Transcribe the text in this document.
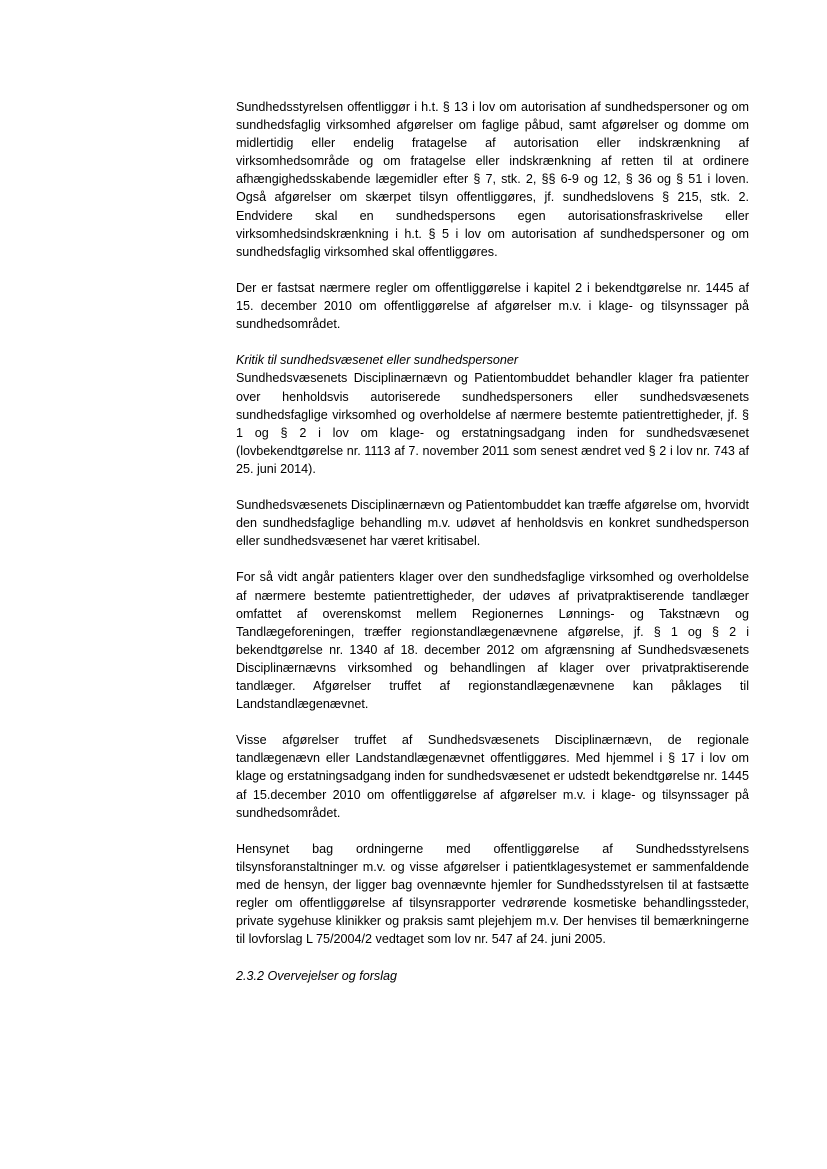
Sundhedsstyrelsen offentliggør i h.t. § 13 i lov om autorisation af sundhedspersoner og om sundhedsfaglig virksomhed afgørelser om faglige påbud, samt afgørelser og domme om midlertidig eller endelig fratagelse af autorisation eller indskrænkning af virksomhedsområde og om fratagelse eller indskrænkning af retten til at ordinere afhængighedsskabende lægemidler efter § 7, stk. 2, §§ 6-9 og 12, § 36 og § 51 i loven. Også afgørelser om skærpet tilsyn offentliggøres, jf. sundhedslovens § 215, stk. 2. Endvidere skal en sundhedspersons egen autorisationsfraskrivelse eller virksomhedsindskrænkning i h.t. § 5 i lov om autorisation af sundhedspersoner og om sundhedsfaglig virksomhed skal offentliggøres.

Der er fastsat nærmere regler om offentliggørelse i kapitel 2 i bekendtgørelse nr. 1445 af 15. december 2010 om offentliggørelse af afgørelser m.v. i klage- og tilsynssager på sundhedsområdet.

Kritik til sundhedsvæsenet eller sundhedspersoner

Sundhedsvæsenets Disciplinærnævn og Patientombuddet behandler klager fra patienter over henholdsvis autoriserede sundhedspersoners eller sundhedsvæsenets sundhedsfaglige virksomhed og overholdelse af nærmere bestemte patientrettigheder, jf. § 1 og § 2 i lov om klage- og erstatningsadgang inden for sundhedsvæsenet (lovbekendtgørelse nr. 1113 af 7. november 2011 som senest ændret ved § 2 i lov nr. 743 af 25. juni 2014).

Sundhedsvæsenets Disciplinærnævn og Patientombuddet kan træffe afgørelse om, hvorvidt den sundhedsfaglige behandling m.v. udøvet af henholdsvis en konkret sundhedsperson eller sundhedsvæsenet har været kritisabel.

For så vidt angår patienters klager over den sundhedsfaglige virksomhed og overholdelse af nærmere bestemte patientrettigheder, der udøves af privatpraktiserende tandlæger omfattet af overenskomst mellem Regionernes Lønnings- og Takstnævn og Tandlægeforeningen, træffer regionstandlægenævnene afgørelse, jf. § 1 og § 2 i bekendtgørelse nr. 1340 af 18. december 2012 om afgrænsning af Sundhedsvæsenets Disciplinærnævns virksomhed og behandlingen af klager over privatpraktiserende tandlæger. Afgørelser truffet af regionstandlægenævnene kan påklages til Landstandlægenævnet.

Visse afgørelser truffet af Sundhedsvæsenets Disciplinærnævn, de regionale tandlægenævn eller Landstandlægenævnet offentliggøres. Med hjemmel i § 17 i lov om klage og erstatningsadgang inden for sundhedsvæsenet er udstedt bekendtgørelse nr. 1445 af 15.december 2010 om offentliggørelse af afgørelser m.v. i klage- og tilsynssager på sundhedsområdet.

Hensynet bag ordningerne med offentliggørelse af Sundhedsstyrelsens tilsynsforanstaltninger m.v. og visse afgørelser i patientklagesystemet er sammenfaldende med de hensyn, der ligger bag ovennævnte hjemler for Sundhedsstyrelsen til at fastsætte regler om offentliggørelse af tilsynsrapporter vedrørende kosmetiske behandlingssteder, private sygehuse klinikker og praksis samt plejehjem m.v. Der henvises til bemærkningerne til lovforslag L 75/2004/2 vedtaget som lov nr. 547 af 24. juni 2005.

2.3.2 Overvejelser og forslag
